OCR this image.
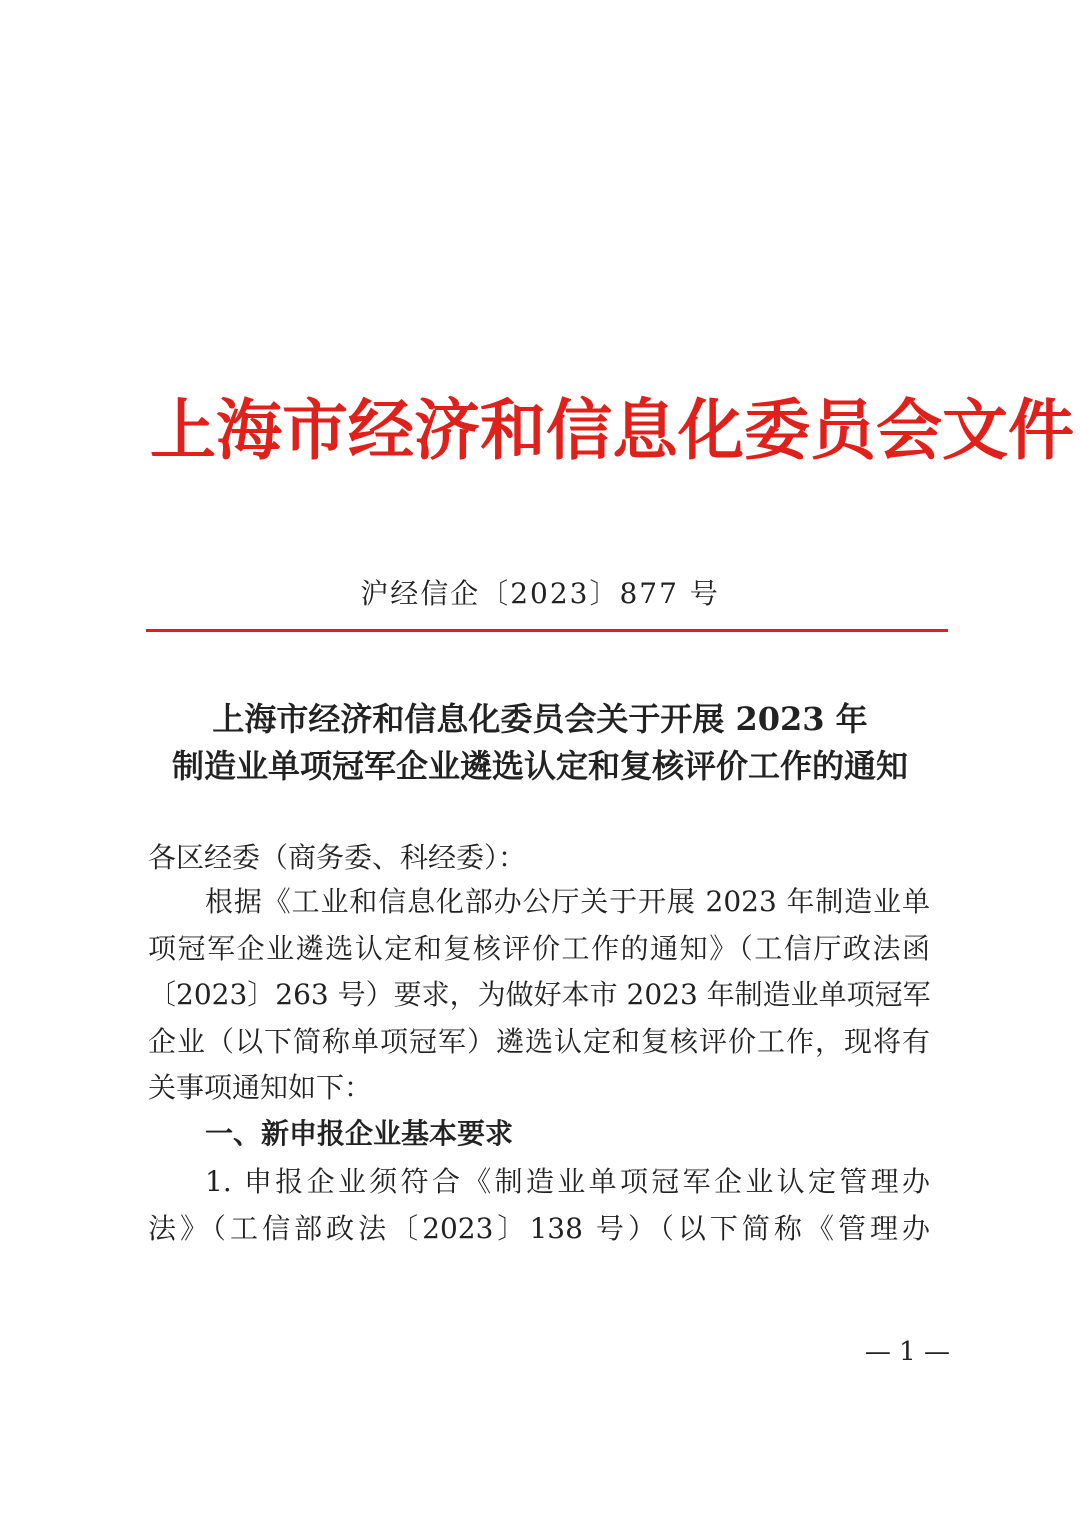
上海市经济和信息化委员会文件
沪经信企〔2023〕877 号
上海市经济和信息化委员会关于开展 2023 年
制造业单项冠军企业遴选认定和复核评价工作的通知
各区经委（商务委、科经委）：
根据《工业和信息化部办公厅关于开展 2023 年制造业单
项冠军企业遴选认定和复核评价工作的通知》（工信厅政法函
〔2023〕263 号）要求，为做好本市 2023 年制造业单项冠军
企业（以下简称单项冠军）遴选认定和复核评价工作，现将有
关事项通知如下：
一、新申报企业基本要求
1. 申报企业须符合《制造业单项冠军企业认定管理办
法》（工信部政法〔2023〕138 号）（以下简称《管理办
— 1 —
